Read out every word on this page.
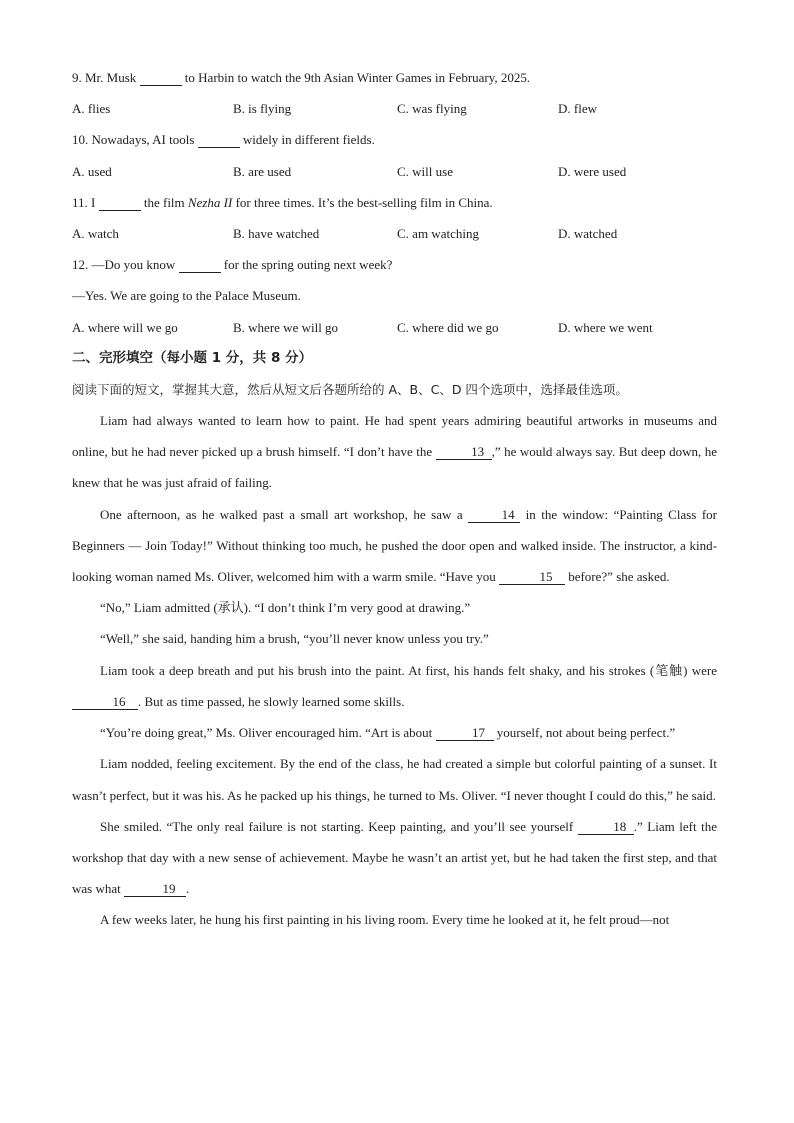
9. Mr. Musk	to Harbin to watch the 9th Asian Winter Games in February, 2025.
A. flies	B. is flying	C. was flying	D. flew
10. Nowadays, AI tools	widely in different fields.
A. used	B. are used	C. will use	D. were used
11. I	the film Nezha II for three times. It’s the best-selling film in China.
A. watch	B. have watched	C. am watching	D. watched
12. —Do you know	for the spring outing next week?
—Yes. We are going to the Palace Museum.
A. where will we go	B. where we will go	C. where did we go	D. where we went
二、完形填空（每小题 1 分，共 8 分）
阅读下面的短文，掌握其大意，然后从短文后各题所给的 A、B、C、D 四个选项中，选择最佳选项。
Liam had always wanted to learn how to paint. He had spent years admiring beautiful artworks in museums and online, but he had never picked up a brush himself. “I don’t have the	13 ,” he would always say. But deep down, he knew that he was just afraid of failing.
One afternoon, as he walked past a small art workshop, he saw a	14 in the window: “Painting Class for Beginners — Join Today!” Without thinking too much, he pushed the door open and walked inside. The instructor, a kind-looking woman named Ms. Oliver, welcomed him with a warm smile. “Have you	15 before?” she asked.
“No,” Liam admitted (承认). “I don’t think I’m very good at drawing.”
“Well,” she said, handing him a brush, “you’ll never know unless you try.”
Liam took a deep breath and put his brush into the paint. At first, his hands felt shaky, and his strokes (笔触) were 16 . But as time passed, he slowly learned some skills.
“You’re doing great,” Ms. Oliver encouraged him. “Art is about	17 yourself, not about being perfect.”
Liam nodded, feeling excitement. By the end of the class, he had created a simple but colorful painting of a sunset. It wasn’t perfect, but it was his. As he packed up his things, he turned to Ms. Oliver. “I never thought I could do this,” he said.
She smiled. “The only real failure is not starting. Keep painting, and you’ll see yourself	18 .” Liam left the workshop that day with a new sense of achievement. Maybe he wasn’t an artist yet, but he had taken the first step, and that was what	19 .
A few weeks later, he hung his first painting in his living room. Every time he looked at it, he felt proud—not
